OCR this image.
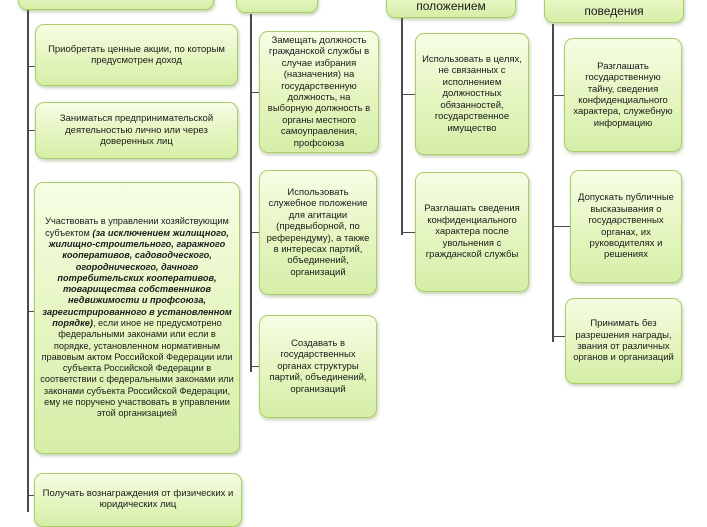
положением	поведения
Приобретать ценные акции, по которым предусмотрен доход
Заниматься предпринимательской деятельностью лично или через доверенных лиц
Участвовать в управлении хозяйствующим субъектом (за исключением жилищного, жилищно-строительного, гаражного кооперативов, садоводческого, огороднического, дачного потребительских кооперативов, товарищества собственников недвижимости и профсоюза, зарегистрированного в установленном порядке), если иное не предусмотрено федеральными законами или если в порядке, установленном нормативным правовым актом Российской Федерации или субъекта Российской Федерации в соответствии с федеральными законами или законами субъекта Российской Федерации, ему не поручено участвовать в управлении этой организацией
Получать вознаграждения от физических и юридических лиц
Замещать должность гражданской службы в случае избрания (назначения) на государственную должность, на выборную должность в органы местного самоуправления, профсоюза
Использовать служебное положение для агитации (предвыборной, по референдуму), а также в интересах партий, объединений, организаций
Создавать в государственных органах структуры партий, объединений, организаций
Использовать в целях, не связанных с исполнением должностных обязанностей, государственное имущество
Разглашать сведения конфиденциального характера после увольнения с гражданской службы
Разглашать государственную тайну, сведения конфиденциального характера, служебную информацию
Допускать публичные высказывания о государственных органах, их руководителях и решениях
Принимать без разрешения награды, звания от различных органов и организаций
